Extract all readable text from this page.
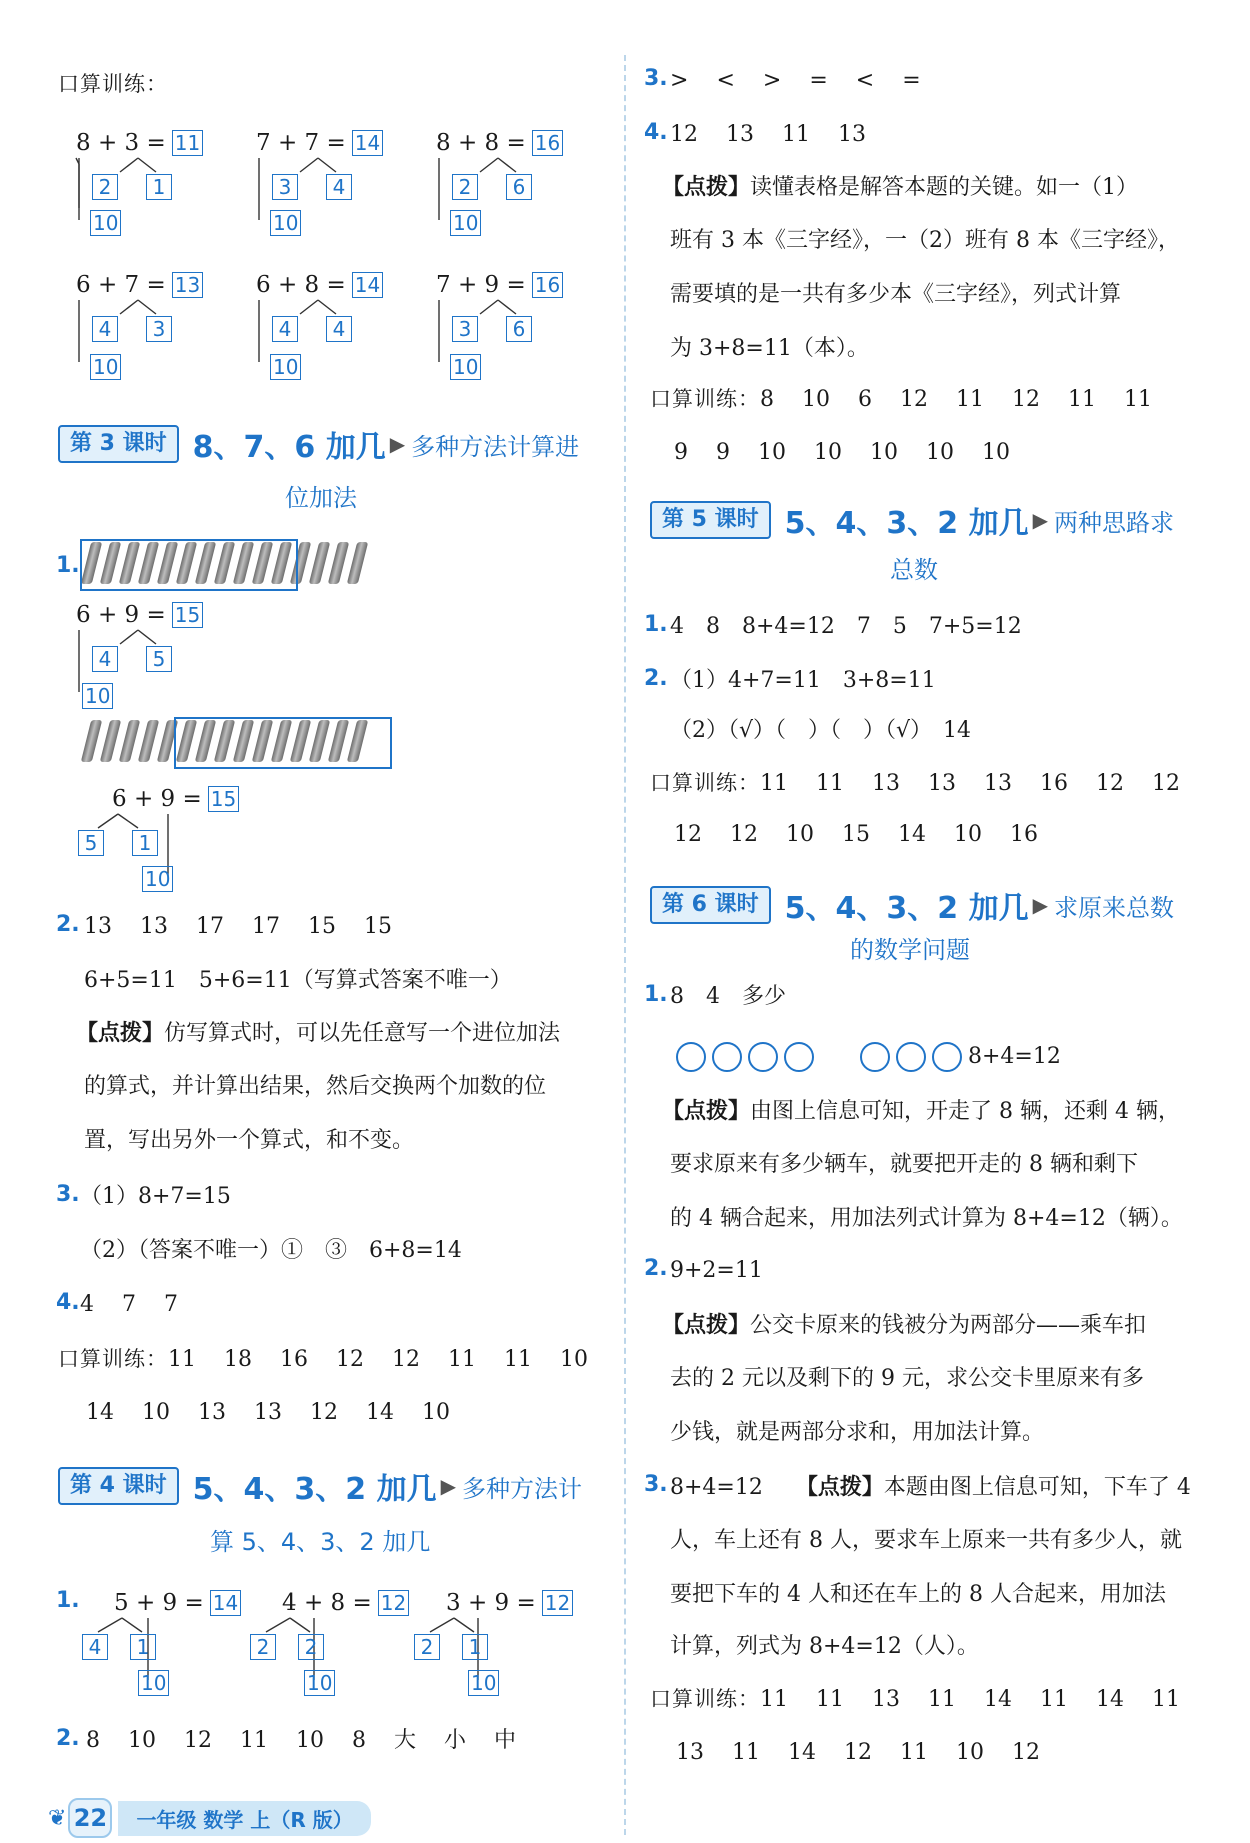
口算训练：
8 + 3 = 11
2	1
10
7 + 7 = 14
3	4
10
8 + 8 = 16
2	6
10
6 + 7 = 13
4	3
10
6 + 8 = 14
4	4
10
7 + 9 = 16
3	6
10
第 3 课时 8、7、6 加几 ▶ 多种方法计算进
位加法
1.
6 + 9 = 15
4	5
10
6 + 9 = 15
5	1
10
2. 13 13 17 17 15 15
6+5=11　5+6=11（写算式答案不唯一）
【点拨】仿写算式时，可以先任意写一个进位加法
的算式，并计算出结果，然后交换两个加数的位
置，写出另外一个算式，和不变。
3. （1）8+7=15
（2）（答案不唯一）①　③　6+8=14
4. 4 7 7
口算训练：11 18 16 12 12 11 11 10
14 10 13 13 12 14 10
第 4 课时 5、4、3、2 加几 ▶ 多种方法计
算 5、4、3、2 加几
1. 5 + 9 = 14
4	1
10
4 + 8 = 12
2	2
10
3 + 9 = 12
2	1
10
2. 8 10 12 11 10 8 大 小 中
3. > < > = < =
4. 12 13 11 13
【点拨】读懂表格是解答本题的关键。如一（1）
班有 3 本《三字经》，一（2）班有 8 本《三字经》，
需要填的是一共有多少本《三字经》，列式计算
为 3+8=11（本）。
口算训练：8 10 6 12 11 12 11 11
9 9 10 10 10 10 10
第 5 课时 5、4、3、2 加几 ▶ 两种思路求
总数
1. 4　8　8+4=12　7　5　7+5=12
2. （1）4+7=11　3+8=11
（2）（√）（　）（　）（√）　14
口算训练：11 11 13 13 13 16 12 12
12 12 10 15 14 10 16
第 6 课时 5、4、3、2 加几 ▶ 求原来总数
的数学问题
1. 8　4　多少

8+4=12
【点拨】由图上信息可知，开走了 8 辆，还剩 4 辆，
要求原来有多少辆车，就要把开走的 8 辆和剩下
的 4 辆合起来，用加法列式计算为 8+4=12（辆）。
2. 9+2=11
【点拨】公交卡原来的钱被分为两部分——乘车扣
去的 2 元以及剩下的 9 元，求公交卡里原来有多
少钱，就是两部分求和，用加法计算。
3. 8+4=12　　 【点拨】本题由图上信息可知，下车了 4
人，车上还有 8 人，要求车上原来一共有多少人，就
要把下车的 4 人和还在车上的 8 人合起来，用加法
计算，列式为 8+4=12（人）。
口算训练：11 11 13 11 14 11 14 11
13 11 14 12 11 10 12
❦ 22	一年级 数学 上（R 版）
